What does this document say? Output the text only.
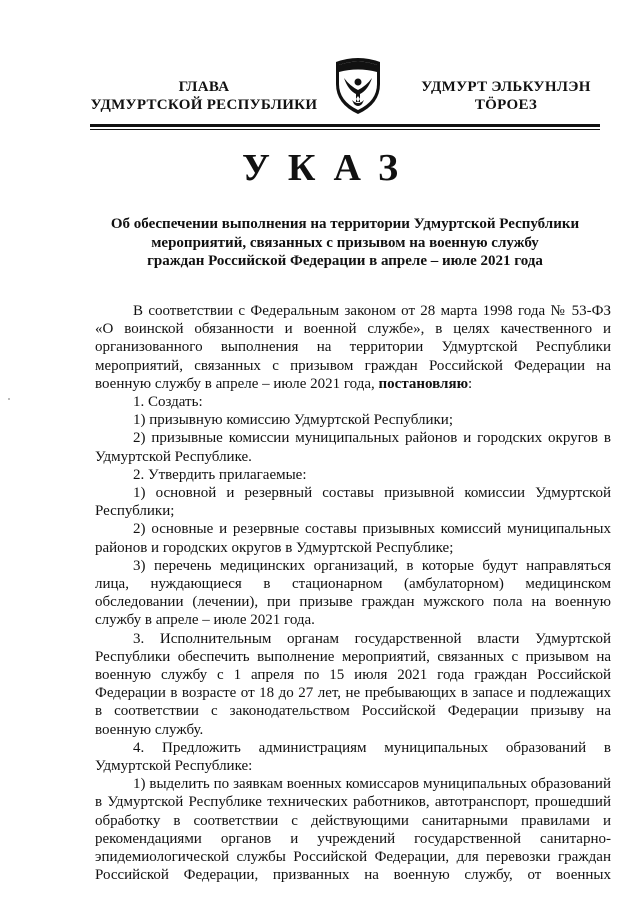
ГЛАВА
УДМУРТСКОЙ РЕСПУБЛИКИ
УДМУРТ ЭЛЬКУНЛЭН
ТӦРОЕЗ
УКАЗ
Об обеспечении выполнения на территории Удмуртской Республики
мероприятий, связанных с призывом на военную службу
граждан Российской Федерации в апреле – июле 2021 года

В соответствии с Федеральным законом от 28 марта 1998 года № 53-ФЗ «О воинской обязанности и военной службе», в целях качественного и организованного выполнения на территории Удмуртской Республики мероприятий, связанных с призывом граждан Российской Федерации на военную службу в апреле – июле 2021 года, постановляю:

1. Создать:

1) призывную комиссию Удмуртской Республики;

2) призывные комиссии муниципальных районов и городских округов в Удмуртской Республике.

2. Утвердить прилагаемые:

1) основной и резервный составы призывной комиссии Удмуртской Республики;

2) основные и резервные составы призывных комиссий муниципальных районов и городских округов в Удмуртской Республике;

3) перечень медицинских организаций, в которые будут направляться лица, нуждающиеся в стационарном (амбулаторном) медицинском обследовании (лечении), при призыве граждан мужского пола на военную службу в апреле – июле 2021 года.

3. Исполнительным органам государственной власти Удмуртской Республики обеспечить выполнение мероприятий, связанных с призывом на военную службу с 1 апреля по 15 июля 2021 года граждан Российской Федерации в возрасте от 18 до 27 лет, не пребывающих в запасе и подлежащих в соответствии с законодательством Российской Федерации призыву на военную службу.

4. Предложить администрациям муниципальных образований в Удмуртской Республике:

1) выделить по заявкам военных комиссаров муниципальных образований в Удмуртской Республике технических работников, автотранспорт, прошедший обработку в соответствии с действующими санитарными правилами и рекомендациями органов и учреждений государственной санитарно-эпидемиологической службы Российской Федерации, для перевозки граждан Российской Федерации, призванных на военную службу, от военных
